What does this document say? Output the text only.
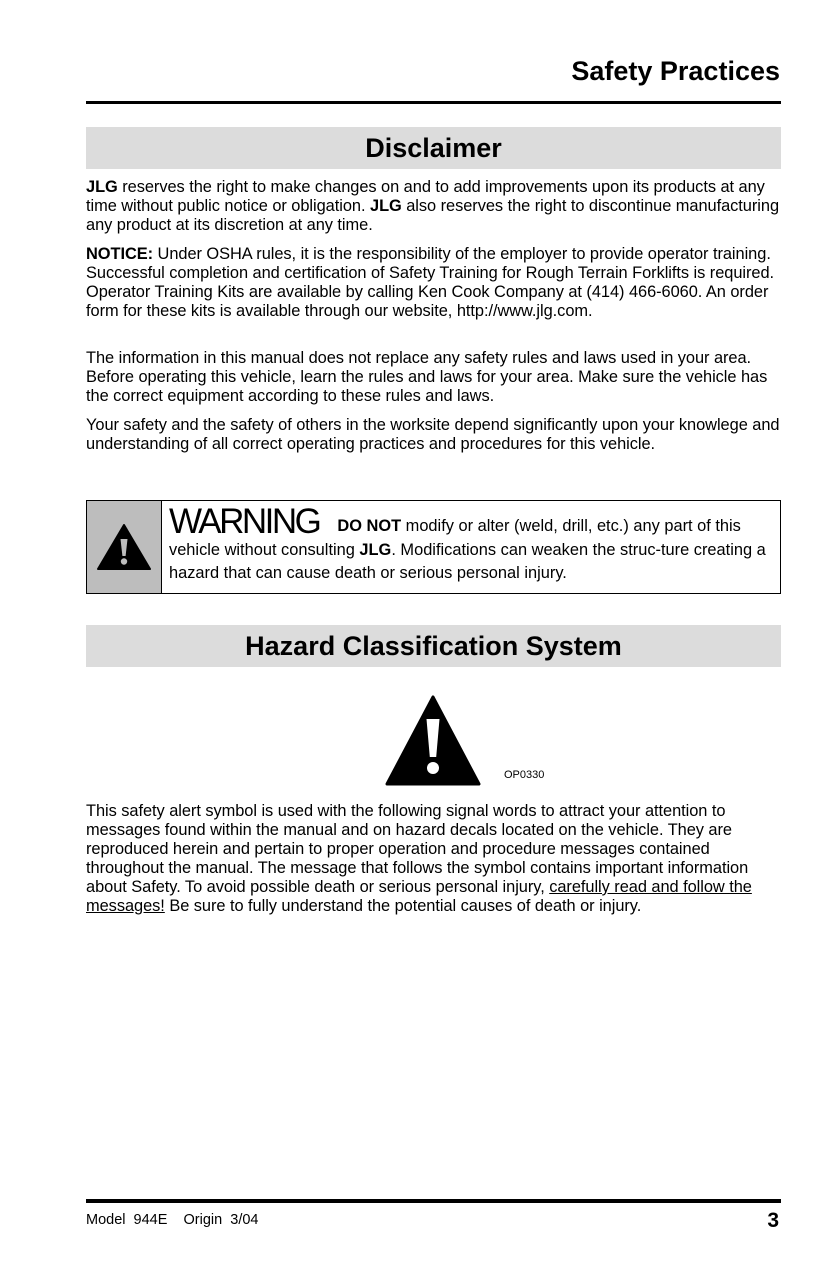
Safety Practices
Disclaimer

JLG reserves the right to make changes on and to add improvements upon its products at any time without public notice or obligation. JLG also reserves the right to discontinue manufacturing any product at its discretion at any time.

NOTICE: Under OSHA rules, it is the responsibility of the employer to provide operator training. Successful completion and certification of Safety Training for Rough Terrain Forklifts is required. Operator Training Kits are available by calling Ken Cook Company at (414) 466-6060. An order form for these kits is available through our website, http://www.jlg.com.

The information in this manual does not replace any safety rules and laws used in your area. Before operating this vehicle, learn the rules and laws for your area. Make sure the vehicle has the correct equipment according to these rules and laws.

Your safety and the safety of others in the worksite depend significantly upon your knowlege and understanding of all correct operating practices and procedures for this vehicle.

WARNING DO NOT modify or alter (weld, drill, etc.) any part of this vehicle without consulting JLG. Modifications can weaken the struc-ture creating a hazard that can cause death or serious personal injury.
Hazard Classification System
OP0330

This safety alert symbol is used with the following signal words to attract your attention to messages found within the manual and on hazard decals located on the vehicle. They are reproduced herein and pertain to proper operation and procedure messages contained throughout the manual. The message that follows the symbol contains important information about Safety. To avoid possible death or serious personal injury, carefully read and follow the messages! Be sure to fully understand the potential causes of death or injury.

Model  944E    Origin  3/04	3
